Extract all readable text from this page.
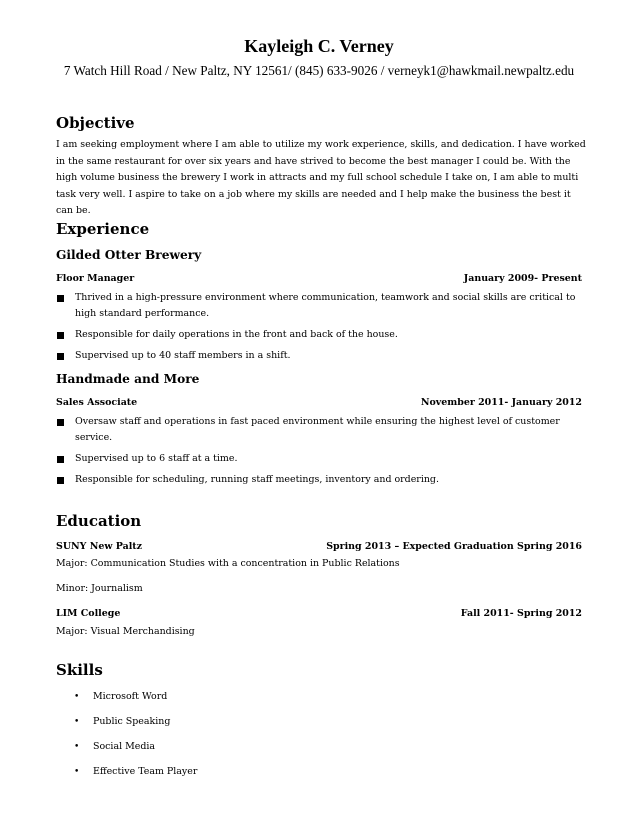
Kayleigh C. Verney
7 Watch Hill Road / New Paltz, NY 12561/ (845) 633-9026 / verneyk1@hawkmail.newpaltz.edu
Objective
I am seeking employment where I am able to utilize my work experience, skills, and dedication. I have worked in the same restaurant for over six years and have strived to become the best manager I could be. With the high volume business the brewery I work in attracts and my full school schedule I take on, I am able to multi task very well. I aspire to take on a job where my skills are needed and I help make the business the best it can be.
Experience
Gilded Otter Brewery
Floor Manager	January 2009- Present
Thrived in a high-pressure environment where communication, teamwork and social skills are critical to high standard performance.
Responsible for daily operations in the front and back of the house.
Supervised up to 40 staff members in a shift.
Handmade and More
Sales Associate	November 2011- January 2012
Oversaw staff and operations in fast paced environment while ensuring the highest level of customer service.
Supervised up to 6 staff at a time.
Responsible for scheduling, running staff meetings, inventory and ordering.
Education
SUNY New Paltz	Spring 2013 – Expected Graduation Spring 2016
Major: Communication Studies with a concentration in Public Relations
Minor: Journalism
LIM College	Fall 2011- Spring 2012
Major: Visual Merchandising
Skills
• Microsoft Word
• Public Speaking
• Social Media
• Effective Team Player
